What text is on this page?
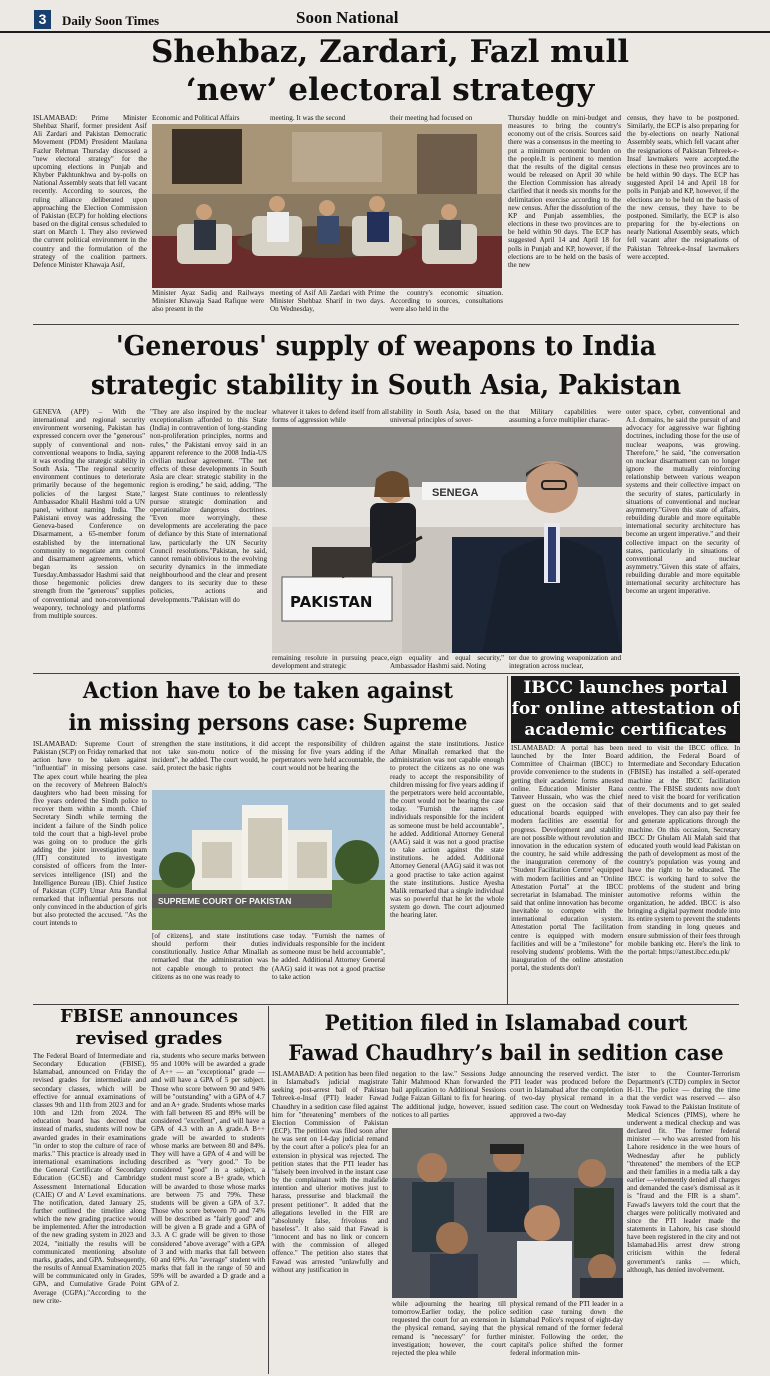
3	Daily Soon Times	Soon National
Shehbaz, Zardari, Fazl mull
‘new’ electoral strategy
ISLAMABAD: Prime Minister Shehbaz Sharif, former president Asif Ali Zardari and Pakistan Democratic Movement (PDM) President Maulana Fazlur Rehman Thursday discussed a "new electoral strategy" for the upcoming elections in Punjab and Khyber Pakhtunkhwa and by-polls on National Assembly seats that fell vacant recently. According to sources, the ruling alliance deliberated upon approaching the Election Commission of Pakistan (ECP) for holding elections based on the digital census scheduled to start on March 1. They also reviewed the current political environment in the country and the formulation of the strategy of the coalition partners. Defence Minister Khawaja Asif,
Economic and Political Affairs	meeting. It was the second	their meeting had focused on
Minister Ayaz Sadiq and Railways Minister Khawaja Saad Rafique were also present in the
meeting of Asif Ali Zardari with Prime Minister Shehbaz Sharif in two days. On Wednesday,
the country's economic situation. According to sources, consultations were also held in the
Thursday huddle on mini-budget and measures to bring the country's economy out of the crisis. Sources said there was a consensus in the meeting to put a minimum economic burden on the people.It is pertinent to mention that the results of the digital census would be released on April 30 while the Election Commission has already clarified that it needs six months for the delimitation exercise according to the new census. After the dissolution of the KP and Punjab assemblies, the elections in these two provinces are to be held within 90 days. The ECP has suggested April 14 and April 18 for polls in Punjab and KP, however, if the elections are to be held on the basis of the new
census, they have to be postponed. Similarly, the ECP is also preparing for the by-elections on nearly National Assembly seats, which fell vacant after the resignations of Pakistan Tehreek-e-Insaf lawmakers were accepted.the elections in these two provinces are to be held within 90 days. The ECP has suggested April 14 and April 18 for polls in Punjab and KP, however, if the elections are to be held on the basis of the new census, they have to be postponed. Similarly, the ECP is also preparing for the by-elections on nearly National Assembly seats, which fell vacant after the resignations of Pakistan Tehreek-e-Insaf lawmakers were accepted.
'Generous' supply of weapons to India
strategic stability in South Asia, Pakistan
GENEVA (APP) – With the international and regional security environment worsening, Pakistan has expressed concern over the "generous" supply of conventional and non-conventional weapons to India, saying it was eroding the strategic stability in South Asia. "The regional security environment continues to deteriorate primarily because of the hegemonic policies of the largest State," Ambassador Khalil Hashmi told a UN panel, without naming India. The Pakistani envoy was addressing the Geneva-based Conference on Disarmament, a 65-member forum established by the international community to negotiate arm control and disarmament agreements, which began its session on Tuesday.Ambassador Hashmi said that those hegemonic policies drew strength from the "generous" supplies of conventional and non-conventional weaponry, technology and platforms from multiple sources.
"They are also inspired by the nuclear exceptionalism afforded to this State (India) in contravention of long-standing non-proliferation principles, norms and rules," the Pakistani envoy said in an apparent reference to the 2008 India-US civilian nuclear agreement. "The net effects of these developments in South Asia are clear: strategic stability in the region is eroding," he said, adding, "The largest State continues to relentlessly pursue strategic domination and operationalize dangerous doctrines. "Even more worryingly, these developments are accelerating the pace of defiance by this State of international law, particularly the UN Security Council resolutions."Pakistan, he said, cannot remain oblivious to the evolving security dynamics in the immediate neighbourhood and the clear and present dangers to its security due to these policies, actions and developments."Pakistan will do
whatever it takes to defend itself from all forms of aggression while
stability in South Asia, based on the universal principles of sover-
that Military capabilities were assuming a force multiplier charac-
SENEGA
PAKISTAN
remaining resolute in pursuing peace, development and strategic
eign equality and equal security," Ambassador Hashmi said. Noting
ter due to growing weaponization and integration across nuclear,
outer space, cyber, conventional and A.I. domains, he said the pursuit of and advocacy for aggressive war fighting doctrines, including those for the use of nuclear weapons, was growing. Therefore," he said, "the conversation on nuclear disarmament can no longer ignore the mutually reinforcing relationship between various weapon systems and their collective impact on the security of states, particularly in situations of conventional and nuclear asymmetry."Given this state of affairs, rebuilding durable and more equitable international security architecture has become an urgent imperative." and their collective impact on the security of states, particularly in situations of conventional and nuclear asymmetry."Given this state of affairs, rebuilding durable and more equitable international security architecture has become an urgent imperative.
Action have to be taken against
in missing persons case: Supreme
ISLAMABAD: Supreme Court of Pakistan (SCP) on Friday remarked that action have to be taken against "influential" in missing persons case. The apex court while hearing the plea on the recovery of Mehreen Baloch's daughters who had been missing for five years ordered the Sindh police to recover them within a month. Chief Secretary Sindh while terming the incident a failure of the Sindh police told the court that a high-level probe was going on to produce the girls adding the joint investigation team (JIT) constituted to investigate consisted of officers from the Inter-services intelligence (ISI) and the Intelligence Bureau (IB). Chief Justice of Pakistan (CJP) Umar Atta Bandial remarked that influential persons not only convinced in the abduction of girls but also protected the accused. "As the court intends to
strengthen the state institutions, it did not take suo-motu notice of the incident", he added. The court would, he said, protect the basic rights
accept the responsibility of children missing for five years adding if the perpetrators were held accountable, the court would not be hearing the
SUPREME COURT OF PAKISTAN
[of citizens], and state institutions should perform their duties constitutionally. Justice Athar Minallah remarked that the administration was not capable enough to protect the citizens as no one was ready to
case today. "Furnish the names of individuals responsible for the incident as someone must be held accountable", he added. Additional Attorney General (AAG) said it was not a good practise to take action
against the state institutions. Justice Athar Minallah remarked that the administration was not capable enough to protect the citizens as no one was ready to accept the responsibility of children missing for five years adding if the perpetrators were held accountable, the court would not be hearing the case today. "Furnish the names of individuals responsible for the incident as someone must be held accountable", he added. Additional Attorney General (AAG) said it was not a good practise to take action against the state institutions. he added. Additional Attorney General (AAG) said it was not a good practise to take action against the state institutions. Justice Ayesha Malik remarked that a single individual was so powerful that he let the whole system go down. The court adjourned the hearing later.
IBCC launches portal
for online attestation of
academic certificates
ISLAMABAD: A portal has been launched by the Inter Board Committee of Chairman (IBCC) to provide convenience to the students in getting their academic forms attested online. Education Minister Rana Tanveer Hussain, who was the chief guest on the occasion said that educational boards equipped with modern facilities are essential for progress. Development and stability are not possible without revolution and innovation in the education system of the country, he said while addressing the inauguration ceremony of the "Student Facilitation Centre" equipped with modern facilities and an "Online Attestation Portal" at the IBCC secretariat in Islamabad. The minister said that online innovation has become inevitable to compete with the international education system. Attestation portal The facilitation centre is equipped with modern facilities and will be a "milestone" for resolving students' problems. With the inauguration of the online attestation portal, the students don't
need to visit the IBCC office. In addition, the Federal Board of Intermediate and Secondary Education (FBISE) has installed a self-operated machine at the IBCC facilitation centre. The FBISE students now don't need to visit the board for verification of their documents and to get sealed envelopes. They can also pay their fee and generate applications through the machine. On this occasion, Secretary IBCC Dr Ghulam Ali Malah said that educated youth would lead Pakistan on the path of development as most of the country's population was young and have the right to be educated. The IBCC is working hard to solve the problems of the student and bring automotive reforms within the organization, he added. IBCC is also bringing a digital payment module into its entire system to prevent the students from standing in long queues and ensure submission of their fees through mobile banking etc. Here's the link to the portal: https://attest.ibcc.edu.pk/
FBISE announces
revised grades
The Federal Board of Intermediate and Secondary Education (FBISE), Islamabad, announced on Friday the revised grades for intermediate and secondary classes, which will be effective for annual examinations of classes 9th and 11th from 2023 and for 10th and 12th from 2024. The education board has decreed that instead of marks, students will now be awarded grades in their examinations "in order to stop the culture of race of marks." This practice is already used in international examinations including the General Certificate of Secondary Education (GCSE) and Cambridge Assessment International Education (CAIE) O' and A' Level examinations. The notification, dated January 25, further outlined the timeline along which the new grading practice would be implemented. After the introduction of the new grading system in 2023 and 2024, "initially the results will be communicated mentioning absolute marks, grades, and GPA. Subsequently, the results of Annual Examination 2025 will be communicated only in Grades, GPA, and Cumulative Grade Point Average (CGPA)."According to the new crite-
ria, students who secure marks between 95 and 100% will be awarded a grade of A++ — an "exceptional" grade — and will have a GPA of 5 per subject. Those who score between 90 and 94% will be "outstanding" with a GPA of 4.7 and an A+ grade. Students whose marks with fall between 85 and 89% will be considered "excellent", and will have a GPA of 4.3 with an A grade.A B++ grade will be awarded to students whose marks are between 80 and 84%. They will have a GPA of 4 and will be described as "very good." To be considered "good" in a subject, a student must score a B+ grade, which will be awarded to those whose marks are between 75 and 79%. These students will be given a GPA of 3.7. Those who score between 70 and 74% will be described as "fairly good" and will be given a B grade and a GPA of 3.3. A C grade will be given to those considered "above average" with a GPA of 3 and with marks that fall between 60 and 69%. An "average" student with marks that fall in the range of 50 and 59% will be awarded a D grade and a GPA of 2.
Petition filed in Islamabad court
Fawad Chaudhry’s bail in sedition case
ISLAMABAD: A petition has been filed in Islamabad's judicial magistrate seeking post-arrest bail of Pakistan Tehreek-e-Insaf (PTI) leader Fawad Chaudhry in a sedition case filed against him for "threatening" members of the Election Commission of Pakistan (ECP). The petition was filed soon after he was sent on 14-day judicial remand by the court after a police's plea for an extension in physical was rejected. The petition states that the PTI leader has "falsely been involved in the instant case by the complainant with the malafide intention and ulterior motives just to harass, pressurise and blackmail the present petitioner". It added that the allegations levelled in the FIR are "absolutely false, frivolous and baseless". It also said that Fawad is "innocent and has no link or concern with the commission of alleged offence." The petition also states that Fawad was arrested "unlawfully and without any justification in
negation to the law." Sessions Judge Tahir Mahmood Khan forwarded the bail application to Additional Sessions Judge Faizan Gillani to fix for hearing. The additional judge, however, issued notices to all parties
announcing the reserved verdict. The PTI leader was produced before the court in Islamabad after the completion of two-day physical remand in a sedition case. The court on Wednesday approved a two-day
while adjourning the hearing till tomorrow.Earlier today, the police requested the court for an extension in the physical remand, saying that the remand is "necessary" for further investigation; however, the court rejected the plea while
physical remand of the PTI leader in a sedition case turning down the Islamabad Police's request of eight-day physical remand of the former federal minister. Following the order, the capital's police shifted the former federal information min-
ister to the Counter-Terrorism Department's (CTD) complex in Sector H-11. The police — during the time that the verdict was reserved — also took Fawad to the Pakistan Institute of Medical Sciences (PIMS), where he underwent a medical checkup and was declared fit. The former federal minister — who was arrested from his Lahore residence in the wee hours of Wednesday after he publicly "threatened" the members of the ECP and their families in a media talk a day earlier —vehemently denied all charges and demanded the case's dismissal as it is "fraud and the FIR is a sham". Fawad's lawyers told the court that the charges were politically motivated and since the PTI leader made the statements in Lahore, his case should have been registered in the city and not Islamabad.His arrest drew strong criticism within the federal government's ranks — which, although, has denied involvement.
